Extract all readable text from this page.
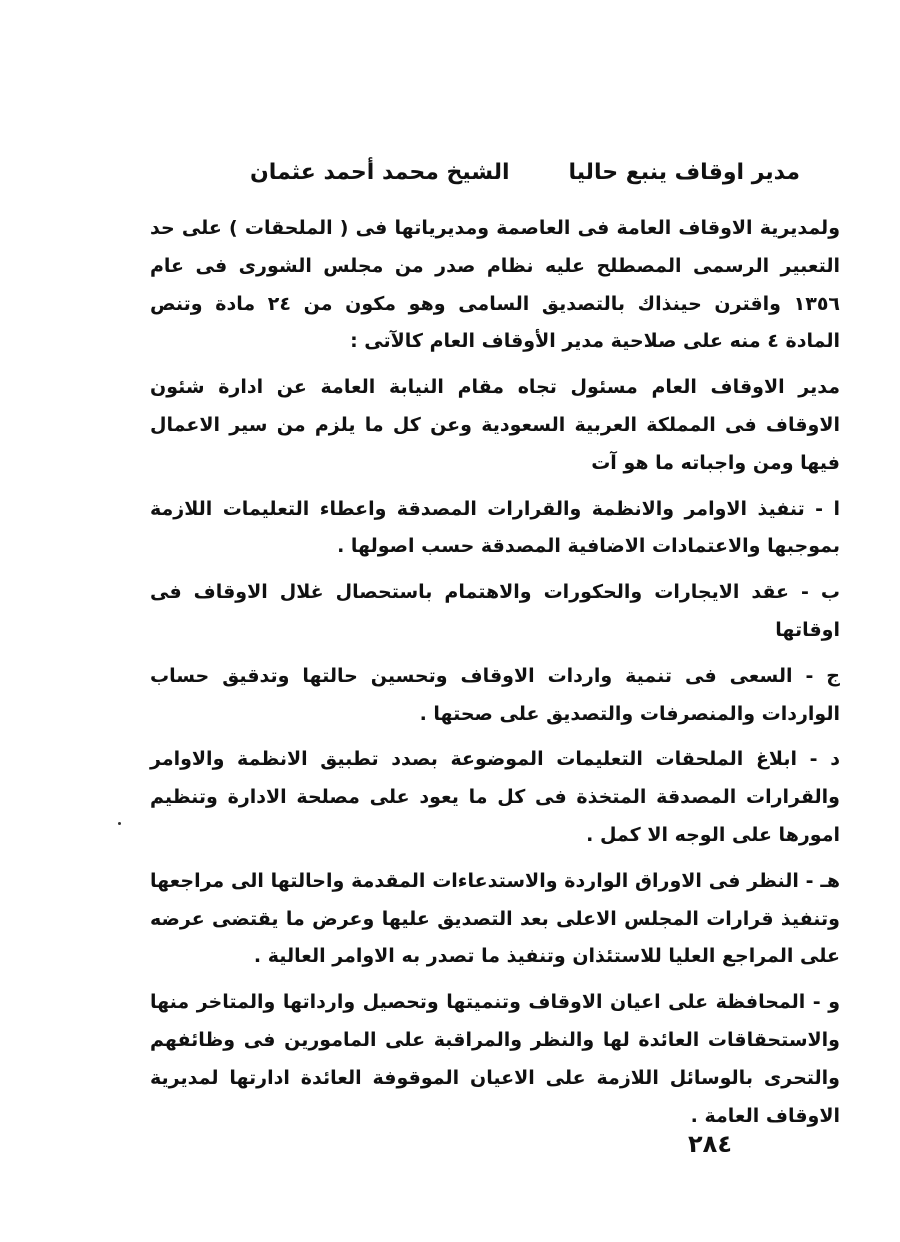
مدير اوقاف ينبع حاليا
الشيخ محمد أحمد عثمان

ولمديرية الاوقاف العامة فى العاصمة ومديرياتها فى ( الملحقات ) على حد التعبير الرسمى المصطلح عليه نظام صدر من مجلس الشورى فى عام ١٣٥٦ واقترن حينذاك بالتصديق السامى وهو مكون من ٢٤ مادة وتنص المادة ٤ منه على صلاحية مدير الأوقاف العام كالآتى :

مدير الاوقاف العام مسئول تجاه مقام النيابة العامة عن ادارة شئون الاوقاف فى المملكة العربية السعودية وعن كل ما يلزم من سير الاعمال فيها ومن واجباته ما هو آت

ا - تنفيذ الاوامر والانظمة والقرارات المصدقة واعطاء التعليمات اللازمة بموجبها والاعتمادات الاضافية المصدقة حسب اصولها .

ب - عقد الايجارات والحكورات والاهتمام باستحصال غلال الاوقاف فى اوقاتها

ج - السعى فى تنمية واردات الاوقاف وتحسين حالتها وتدقيق حساب الواردات والمنصرفات والتصديق على صحتها .

د - ابلاغ الملحقات التعليمات الموضوعة بصدد تطبيق الانظمة والاوامر والقرارات المصدقة المتخذة فى كل ما يعود على مصلحة الادارة وتنظيم امورها على الوجه الا كمل .

هـ - النظر فى الاوراق الواردة والاستدعاءات المقدمة واحالتها الى مراجعها وتنفيذ قرارات المجلس الاعلى بعد التصديق عليها وعرض ما يقتضى عرضه على المراجع العليا للاستئذان وتنفيذ ما تصدر به الاوامر العالية .

و - المحافظة على اعيان الاوقاف وتنميتها وتحصيل وارداتها والمتاخر منها والاستحقاقات العائدة لها والنظر والمراقبة على المامورين فى وظائفهم والتحرى بالوسائل اللازمة على الاعيان الموقوفة العائدة ادارتها لمديرية الاوقاف العامة .

٢٨٤
